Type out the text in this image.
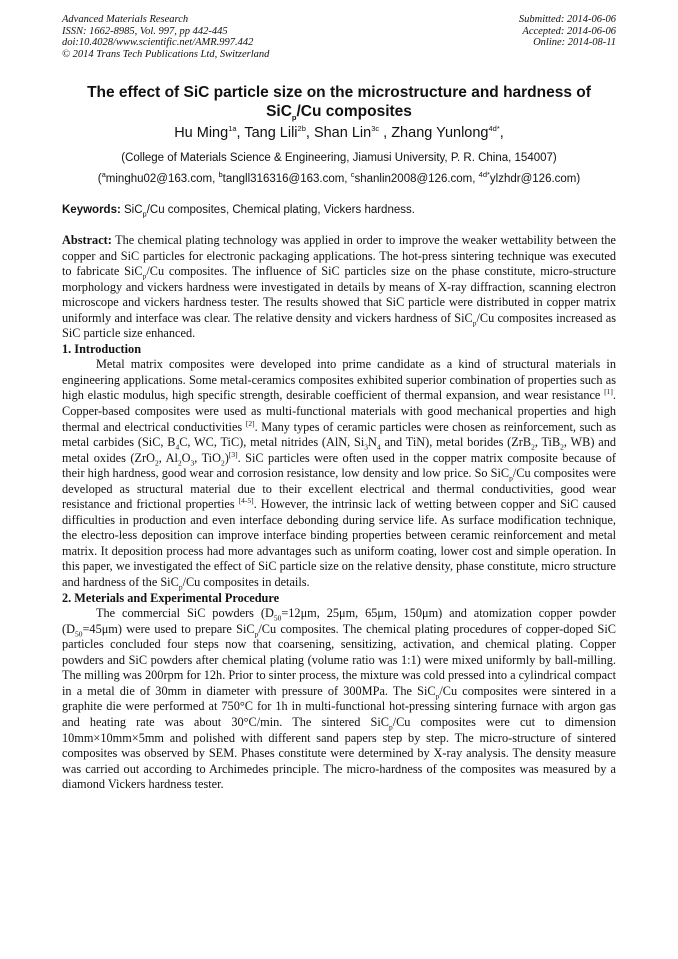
Advanced Materials Research
ISSN: 1662-8985, Vol. 997, pp 442-445
doi:10.4028/www.scientific.net/AMR.997.442
© 2014 Trans Tech Publications Ltd, Switzerland
Submitted: 2014-06-06
Accepted: 2014-06-06
Online: 2014-08-11
The effect of SiC particle size on the microstructure and hardness of
SiC$_p$/Cu composites
Hu Ming$^{1a}$, Tang Lili$^{2b}$, Shan Lin$^{3c}$ , Zhang Yunlong$^{4d*}$,
(College of Materials Science & Engineering, Jiamusi University, P. R. China, 154007)
($^a$minghu02@163.com, $^b$tangll316316@163.com, $^c$shanlin2008@126.com, $^{4d*}$ylzhdr@126.com)
Keywords: SiC$_p$/Cu composites, Chemical plating, Vickers hardness.

Abstract: The chemical plating technology was applied in order to improve the weaker wettability between the copper and SiC particles for electronic packaging applications. The hot-press sintering technique was executed to fabricate SiC$_p$/Cu composites. The influence of SiC particles size on the phase constitute, micro-structure morphology and vickers hardness were investigated in details by means of X-ray diffraction, scanning electron microscope and vickers hardness tester. The results showed that SiC particle were distributed in copper matrix uniformly and interface was clear. The relative density and vickers hardness of SiC$_p$/Cu composites increased as SiC particle size enhanced.

1. Introduction

Metal matrix composites were developed into prime candidate as a kind of structural materials in engineering applications. Some metal-ceramics composites exhibited superior combination of properties such as high elastic modulus, high specific strength, desirable coefficient of thermal expansion, and wear resistance [1]. Copper-based composites were used as multi-functional materials with good mechanical properties and high thermal and electrical conductivities [2]. Many types of ceramic particles were chosen as reinforcement, such as metal carbides (SiC, $B_4C$, WC, TiC), metal nitrides (AlN, $Si_3N_4$ and TiN), metal borides (ZrB$_2$, TiB$_2$, WB) and metal oxides (ZrO$_2$, $Al_2O_3$, TiO$_2$)[3]. SiC particles were often used in the copper matrix composite because of their high hardness, good wear and corrosion resistance, low density and low price. So SiC$_p$/Cu composites were developed as structural material due to their excellent electrical and thermal conductivities, good wear resistance and frictional properties [4-5]. However, the intrinsic lack of wetting between copper and SiC caused difficulties in production and even interface debonding during service life. As surface modification technique, the electro-less deposition can improve interface binding properties between ceramic reinforcement and metal matrix. It deposition process had more advantages such as uniform coating, lower cost and simple operation. In this paper, we investigated the effect of SiC particle size on the relative density, phase constitute, micro structure and hardness of the SiC$_p$/Cu composites in details.

2. Meterials and Experimental Procedure

The commercial SiC powders ($D_{50}=12\mu m$, 25μm, 65μm, 150μm) and atomization copper powder $(D_{50}=45\mu m)$ were used to prepare SiC$_p$/Cu composites. The chemical plating procedures of copper-doped SiC particles concluded four steps now that coarsening, sensitizing, activation, and chemical plating. Copper powders and SiC powders after chemical plating (volume ratio was 1:1) were mixed uniformly by ball-milling. The milling was 200rpm for 12h. Prior to sinter process, the mixture was cold pressed into a cylindrical compact in a metal die of 30mm in diameter with pressure of 300MPa. The SiC$_p$/Cu composites were sintered in a graphite die were performed at 750°C for 1h in multi-functional hot-pressing sintering furnace with argon gas and heating rate was about 30°C/min. The sintered SiC$_p$/Cu composites were cut to dimension 10mm×10mm×5mm and polished with different sand papers step by step. The micro-structure of sintered composites was observed by SEM. Phases constitute were determined by X-ray analysis. The density measure was carried out according to Archimedes principle. The micro-hardness of the composites was measured by a diamond Vickers hardness tester.
